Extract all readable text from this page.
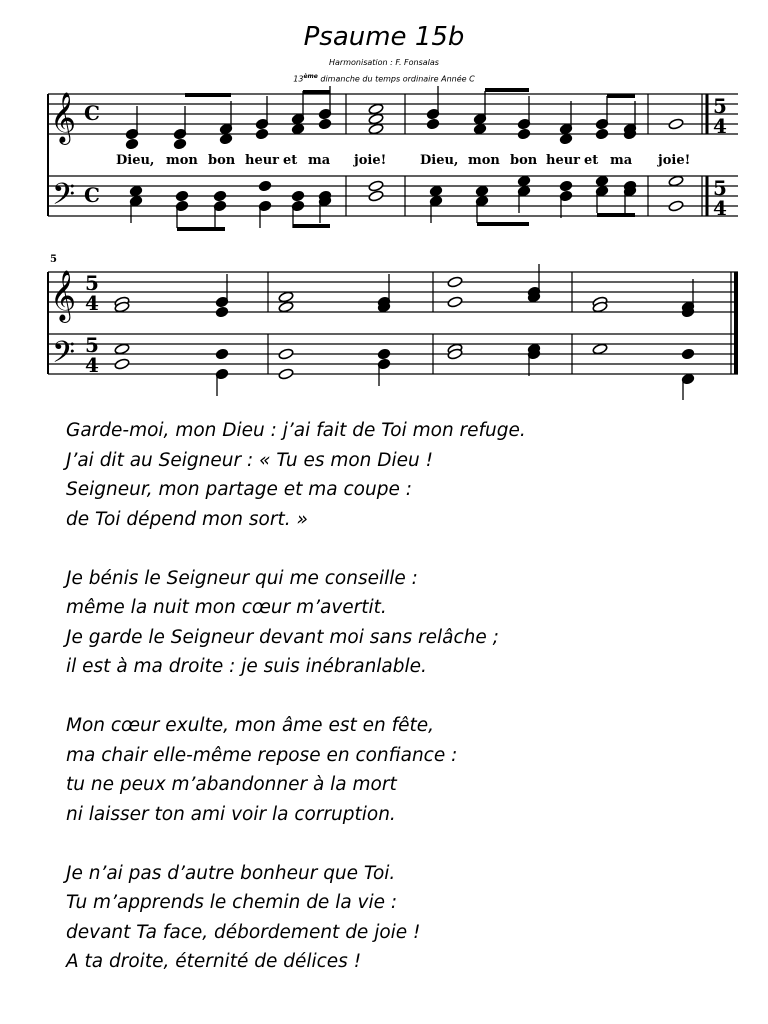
Psaume 15b
Harmonisation : F. Fonsalas
13ème dimanche du temps ordinaire Année C
𝄞
𝄢
𝄞
𝄢
C
C
5
4
5
4
5
4
5
4
5
Dieu, mon bon heur et ma joie!	Dieu, mon bon heur et ma joie!
Garde-moi, mon Dieu : j’ai fait de Toi mon refuge.
J’ai dit au Seigneur : « Tu es mon Dieu !
Seigneur, mon partage et ma coupe :
de Toi dépend mon sort. »
Je bénis le Seigneur qui me conseille :
même la nuit mon cœur m’avertit.
Je garde le Seigneur devant moi sans relâche ;
il est à ma droite : je suis inébranlable.
Mon cœur exulte, mon âme est en fête,
ma chair elle-même repose en confiance :
tu ne peux m’abandonner à la mort
ni laisser ton ami voir la corruption.
Je n’ai pas d’autre bonheur que Toi.
Tu m’apprends le chemin de la vie :
devant Ta face, débordement de joie !
A ta droite, éternité de délices !
